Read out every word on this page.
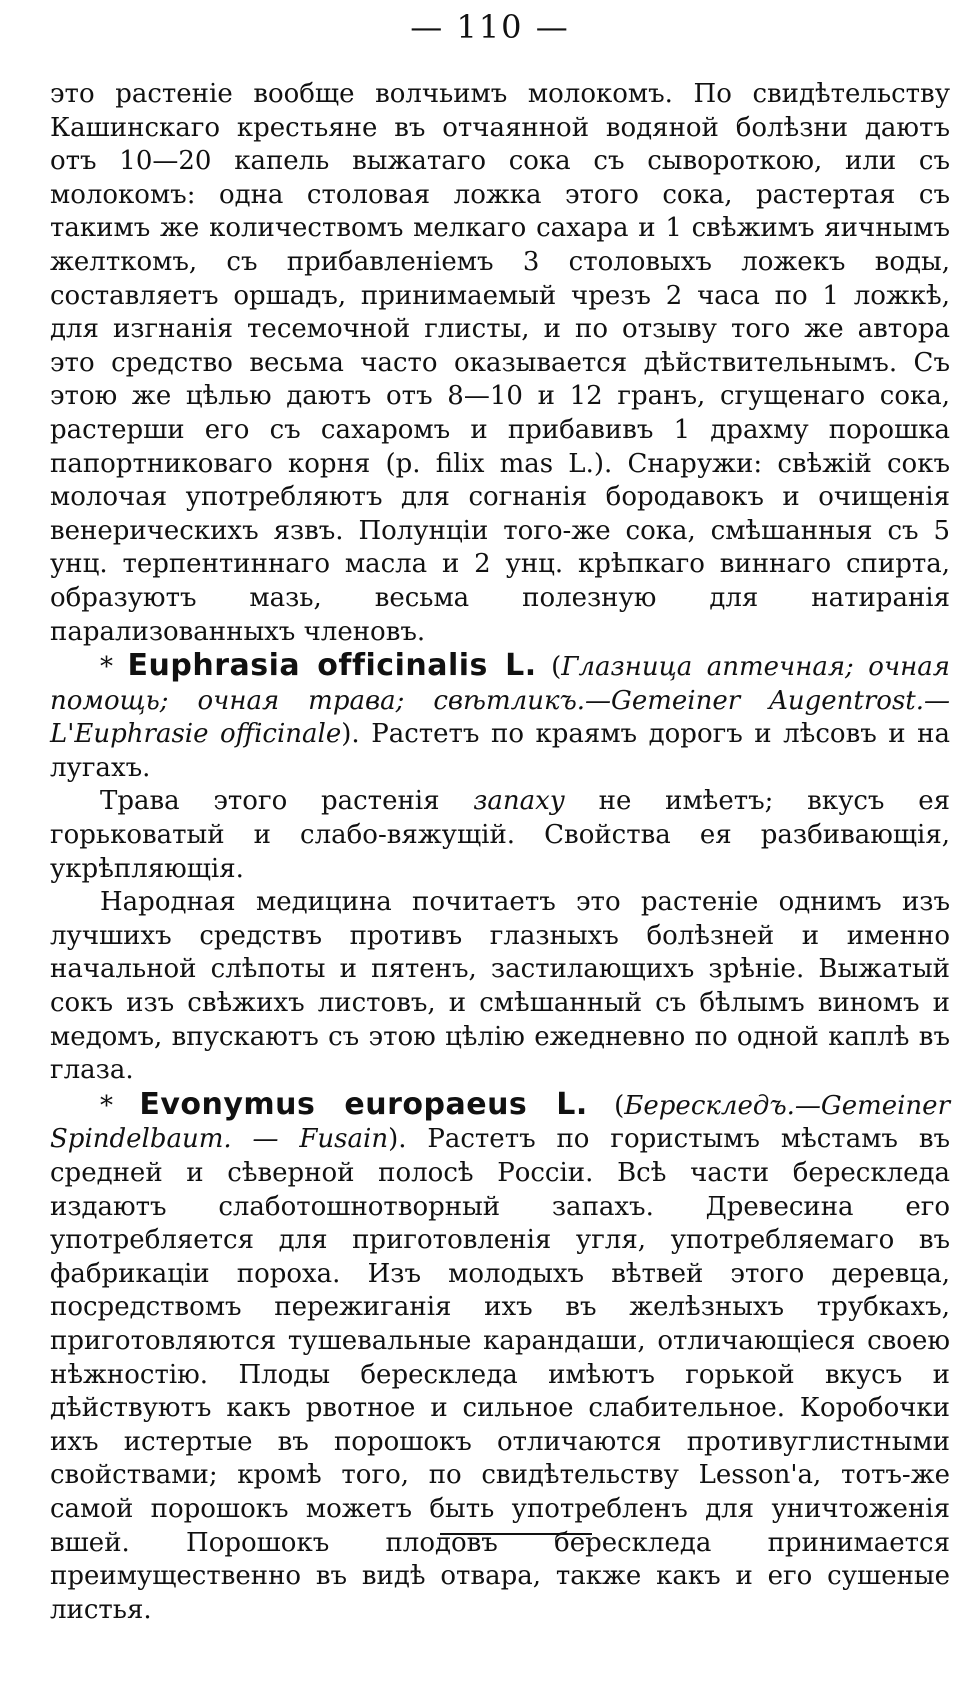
— 110 —

это растеніе вообще волчьимъ молокомъ. По свидѣтельству Кашинскаго крестьяне въ отчаянной водяной болѣзни даютъ отъ 10—20 капель выжатаго сока съ сывороткою, или съ молокомъ: одна столовая ложка этого сока, растертая съ такимъ же количествомъ мелкаго сахара и 1 свѣжимъ яичнымъ желткомъ, съ прибавленіемъ 3 столовыхъ ложекъ воды, составляетъ оршадъ, принимаемый чрезъ 2 часа по 1 ложкѣ, для изгнанія тесемочной глисты, и по отзыву того же автора это средство весьма часто оказывается дѣйствительнымъ. Съ этою же цѣлью даютъ отъ 8—10 и 12 гранъ, сгущенаго сока, растерши его съ сахаромъ и прибавивъ 1 драхму порошка папортниковаго корня (p. filix mas L.). Снаружи: свѣжій сокъ молочая употребляютъ для согнанія бородавокъ и очищенія венерическихъ язвъ. Полунціи того-же сока, смѣшанныя съ 5 унц. терпентиннаго масла и 2 унц. крѣпкаго виннаго спирта, образуютъ мазь, весьма полезную для натиранія парализованныхъ членовъ.

* Euphrasia officinalis L. (Глазница аптечная; очная помощь; очная трава; свѣтликъ.—Gemeiner Augentrost.—L'Euphrasie officinale). Растетъ по краямъ дорогъ и лѣсовъ и на лугахъ.

Трава этого растенія запаху не имѣетъ; вкусъ ея горьковатый и слабо-вяжущій. Свойства ея разбивающія, укрѣпляющія.

Народная медицина почитаетъ это растеніе однимъ изъ лучшихъ средствъ противъ глазныхъ болѣзней и именно начальной слѣпоты и пятенъ, застилающихъ зрѣніе. Выжатый сокъ изъ свѣжихъ листовъ, и смѣшанный съ бѣлымъ виномъ и медомъ, впускаютъ съ этою цѣлію ежедневно по одной каплѣ въ глаза.

* Evonymus europaeus L. (Берескледъ.—Gemeiner Spindelbaum. — Fusain). Растетъ по гористымъ мѣстамъ въ средней и сѣверной полосѣ Россіи. Всѣ части берескледа издаютъ слаботошнотворный запахъ. Древесина его употребляется для приготовленія угля, употребляемаго въ фабрикаціи пороха. Изъ молодыхъ вѣтвей этого деревца, посредствомъ пережиганія ихъ въ желѣзныхъ трубкахъ, приготовляются тушевальные карандаши, отличающіеся своею нѣжностію. Плоды берескледа имѣютъ горькой вкусъ и дѣйствуютъ какъ рвотное и сильное слабительное. Коробочки ихъ истертые въ порошокъ отличаются противуглистными свойствами; кромѣ того, по свидѣтельству Lesson'a, тотъ-же самой порошокъ можетъ быть употребленъ для уничтоженія вшей. Порошокъ плодовъ берескледа принимается преимущественно въ видѣ отвара, также какъ и его сушеные листья.
